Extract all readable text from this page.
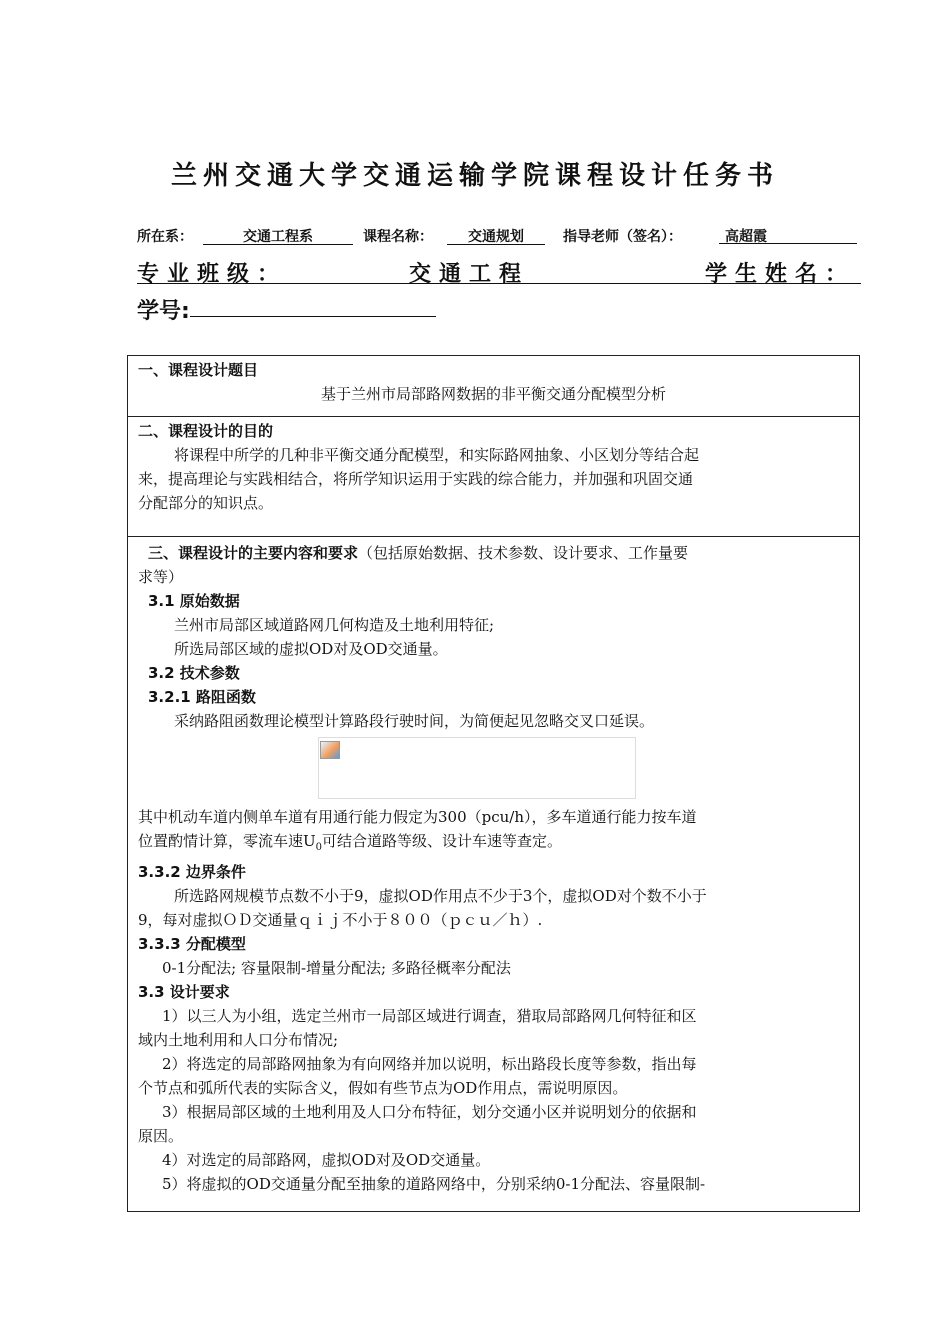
兰州交通大学交通运输学院课程设计任务书
所在系：	交通工程系	课程名称：	交通规划	指导老师（签名）：	高超霞
专业班级：	交通工程	学生姓名：
学号:
一、课程设计题目
基于兰州市局部路网数据的非平衡交通分配模型分析
二、课程设计的目的
将课程中所学的几种非平衡交通分配模型，和实际路网抽象、小区划分等结合起
来，提高理论与实践相结合，将所学知识运用于实践的综合能力，并加强和巩固交通
分配部分的知识点。
三、课程设计的主要内容和要求（包括原始数据、技术参数、设计要求、工作量要
求等）
3.1 原始数据
兰州市局部区域道路网几何构造及土地利用特征;
所选局部区域的虚拟OD对及OD交通量。
3.2 技术参数
3.2.1 路阻函数
采纳路阻函数理论模型计算路段行驶时间，为简便起见忽略交叉口延误。
其中机动车道内侧单车道有用通行能力假定为300（pcu/h），多车道通行能力按车道
位置酌情计算，零流车速$U_0$可结合道路等级、设计车速等查定。
3.3.2 边界条件
所选路网规模节点数不小于9，虚拟OD作用点不少于3个，虚拟OD对个数不小于
9，每对虚拟ＯＤ交通量ｑｉｊ不小于８００（ｐｃｕ／ｈ）.
3.3.3 分配模型
0-1分配法; 容量限制-增量分配法; 多路径概率分配法
3.3 设计要求
1）以三人为小组，选定兰州市一局部区域进行调查，猎取局部路网几何特征和区
域内土地利用和人口分布情况;
2）将选定的局部路网抽象为有向网络并加以说明，标出路段长度等参数，指出每
个节点和弧所代表的实际含义，假如有些节点为OD作用点，需说明原因。
3）根据局部区域的土地利用及人口分布特征，划分交通小区并说明划分的依据和
原因。
4）对选定的局部路网，虚拟OD对及OD交通量。
5）将虚拟的OD交通量分配至抽象的道路网络中，分别采纳0-1分配法、容量限制-
